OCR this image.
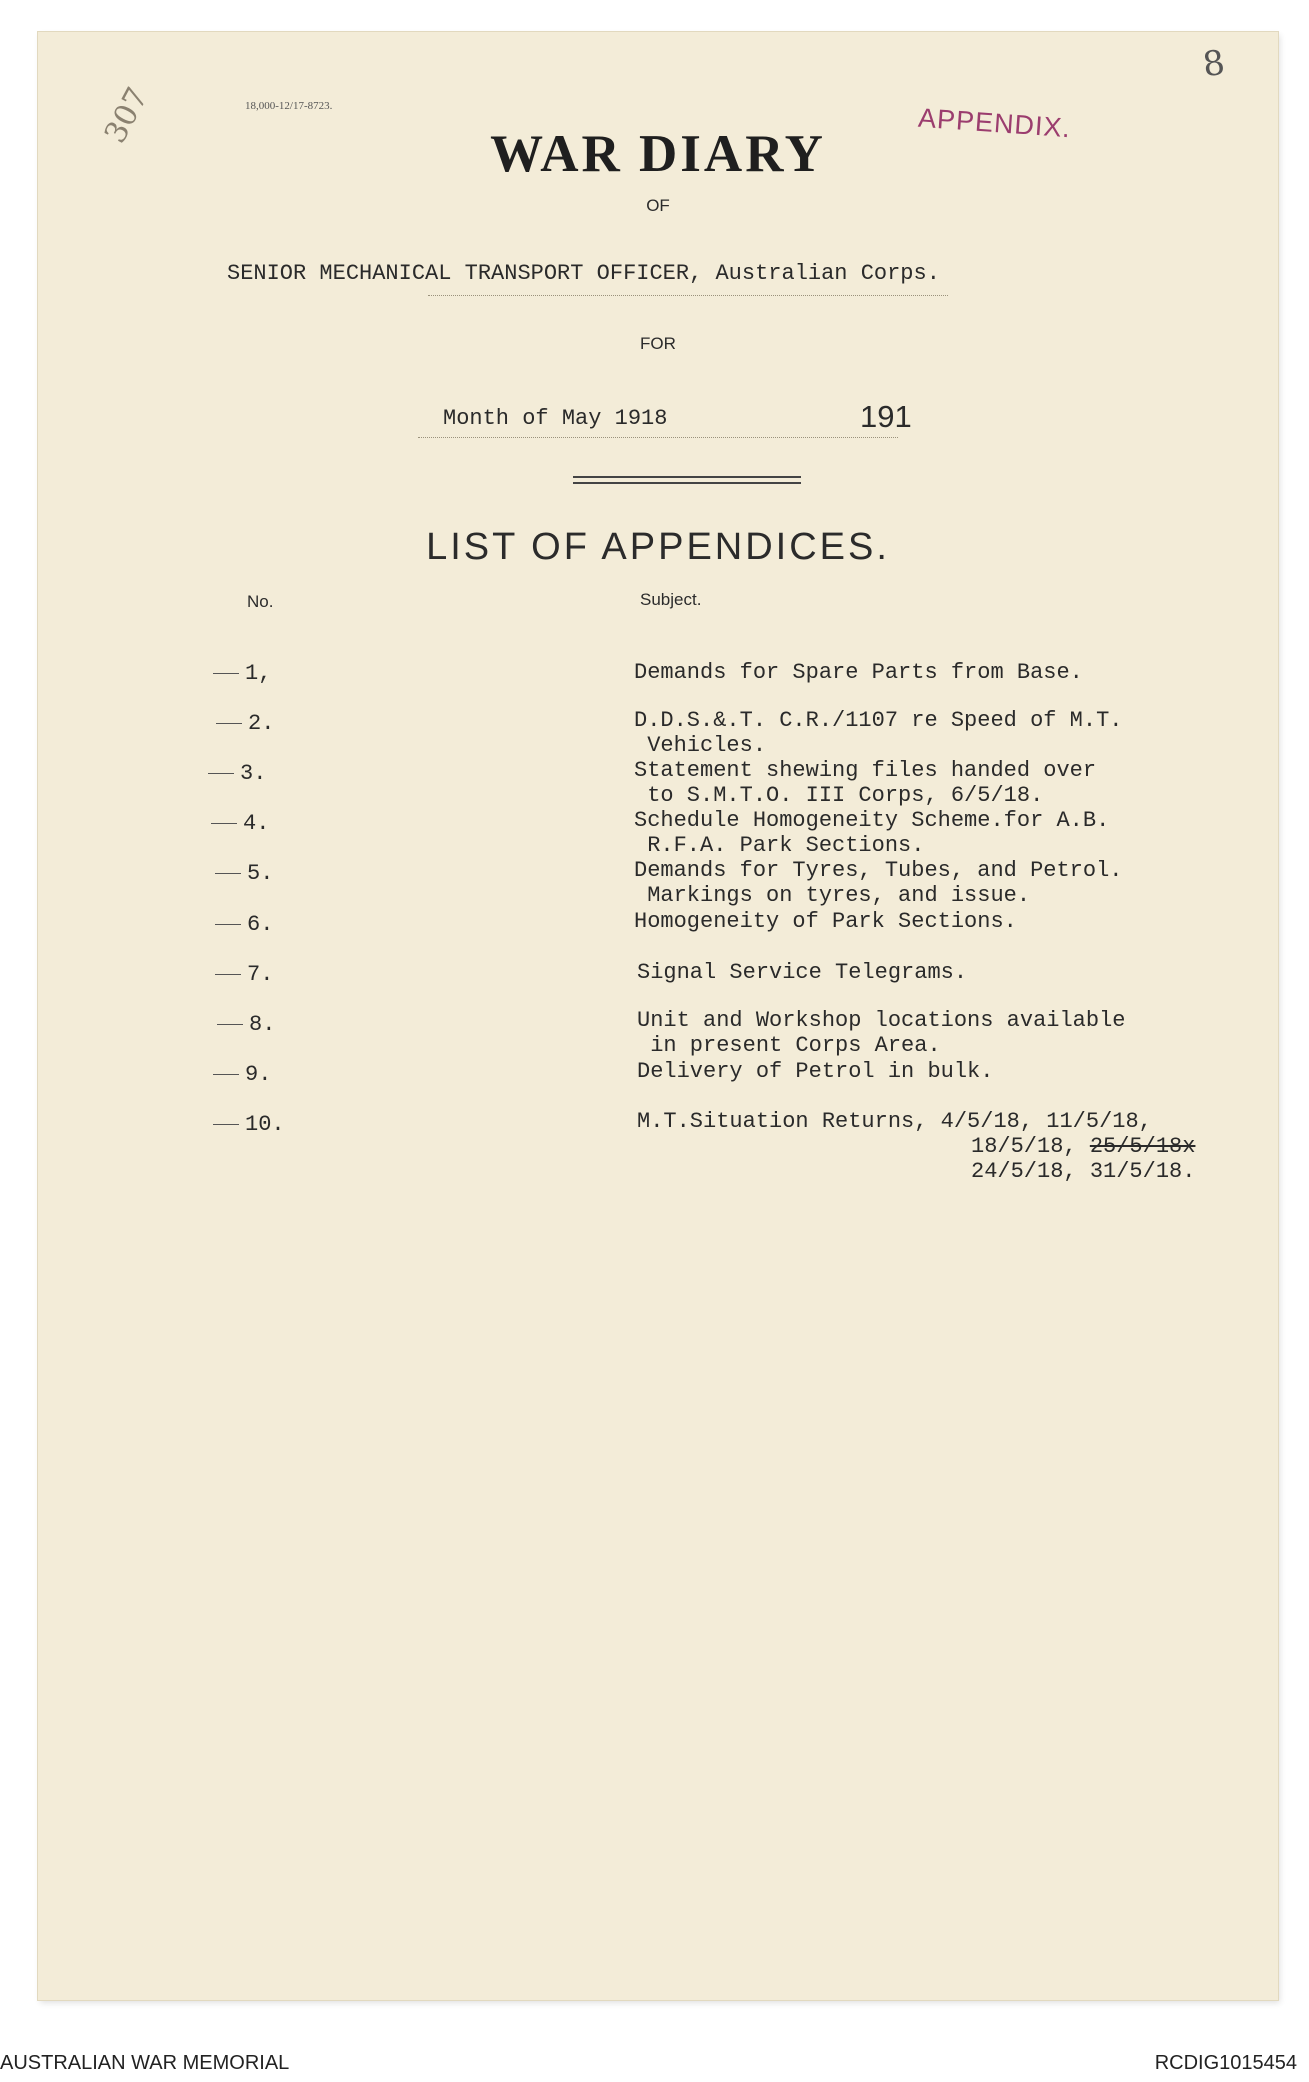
307	18,000-12/17-8723.
8
APPENDIX.
WAR DIARY
OF
SENIOR MECHANICAL TRANSPORT OFFICER, Australian Corps.
FOR
Month of May 1918	191
LIST OF APPENDICES.
No.	Subject.
1,	Demands for Spare Parts from Base.
2.	D.D.S.&.T. C.R./1107 re Speed of M.T.
Vehicles.
3.	Statement shewing files handed over
to S.M.T.O. III Corps, 6/5/18.
4.	Schedule Homogeneity Scheme.for A.B.
R.F.A. Park Sections.
5.	Demands for Tyres, Tubes, and Petrol.
Markings on tyres, and issue.
6.	Homogeneity of Park Sections.
7.	Signal Service Telegrams.
8.	Unit and Workshop locations available
in present Corps Area.
9.	Delivery of Petrol in bulk.
10.	M.T.Situation Returns, 4/5/18, 11/5/18,
18/5/18, 25/5/18x
24/5/18, 31/5/18.
AUSTRALIAN WAR MEMORIAL	RCDIG1015454
